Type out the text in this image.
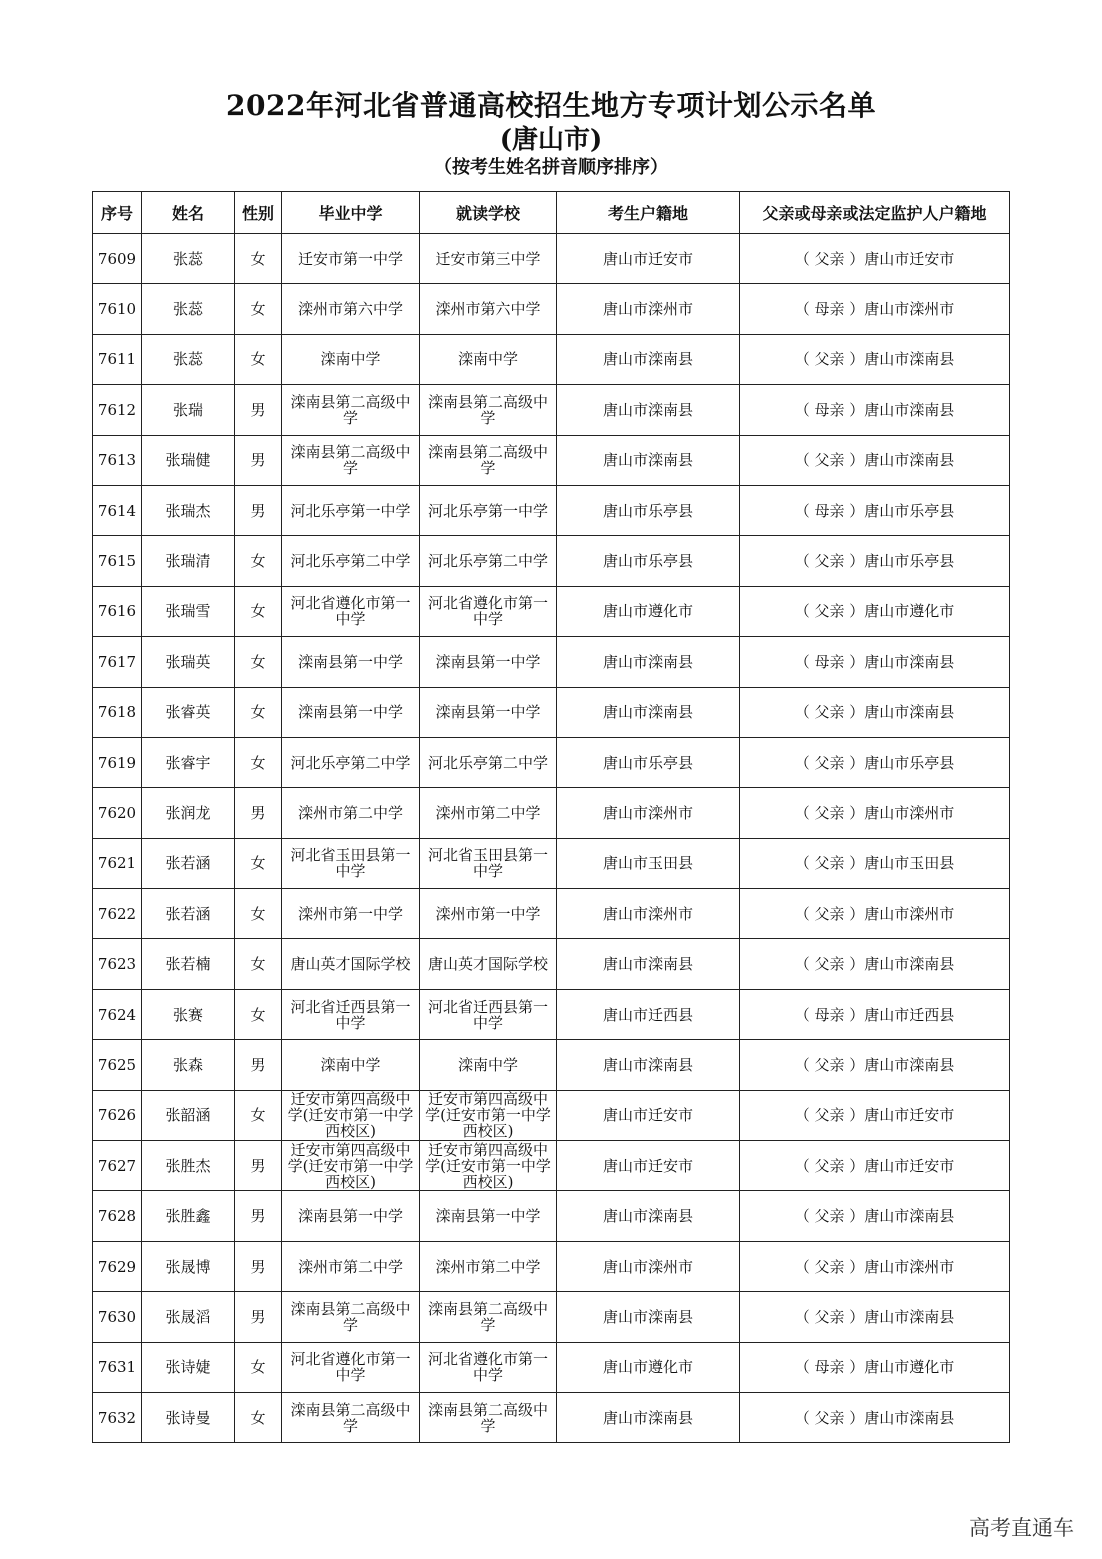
2022年河北省普通高校招生地方专项计划公示名单
(唐山市)
（按考生姓名拼音顺序排序）
序号	姓名	性别	毕业中学	就读学校	考生户籍地	父亲或母亲或法定监护人户籍地
7609	张蕊	女	迁安市第一中学	迁安市第三中学	唐山市迁安市	（ 父亲 ）唐山市迁安市
7610	张蕊	女	滦州市第六中学	滦州市第六中学	唐山市滦州市	（ 母亲 ）唐山市滦州市
7611	张蕊	女	滦南中学	滦南中学	唐山市滦南县	（ 父亲 ）唐山市滦南县
7612	张瑞	男	滦南县第二高级中学	滦南县第二高级中学	唐山市滦南县	（ 母亲 ）唐山市滦南县
7613	张瑞健	男	滦南县第二高级中学	滦南县第二高级中学	唐山市滦南县	（ 父亲 ）唐山市滦南县
7614	张瑞杰	男	河北乐亭第一中学	河北乐亭第一中学	唐山市乐亭县	（ 母亲 ）唐山市乐亭县
7615	张瑞清	女	河北乐亭第二中学	河北乐亭第二中学	唐山市乐亭县	（ 父亲 ）唐山市乐亭县
7616	张瑞雪	女	河北省遵化市第一中学	河北省遵化市第一中学	唐山市遵化市	（ 父亲 ）唐山市遵化市
7617	张瑞英	女	滦南县第一中学	滦南县第一中学	唐山市滦南县	（ 母亲 ）唐山市滦南县
7618	张睿英	女	滦南县第一中学	滦南县第一中学	唐山市滦南县	（ 父亲 ）唐山市滦南县
7619	张睿宇	女	河北乐亭第二中学	河北乐亭第二中学	唐山市乐亭县	（ 父亲 ）唐山市乐亭县
7620	张润龙	男	滦州市第二中学	滦州市第二中学	唐山市滦州市	（ 父亲 ）唐山市滦州市
7621	张若涵	女	河北省玉田县第一中学	河北省玉田县第一中学	唐山市玉田县	（ 父亲 ）唐山市玉田县
7622	张若涵	女	滦州市第一中学	滦州市第一中学	唐山市滦州市	（ 父亲 ）唐山市滦州市
7623	张若楠	女	唐山英才国际学校	唐山英才国际学校	唐山市滦南县	（ 父亲 ）唐山市滦南县
7624	张赛	女	河北省迁西县第一中学	河北省迁西县第一中学	唐山市迁西县	（ 母亲 ）唐山市迁西县
7625	张森	男	滦南中学	滦南中学	唐山市滦南县	（ 父亲 ）唐山市滦南县
7626	张韶涵	女	迁安市第四高级中学(迁安市第一中学西校区)	迁安市第四高级中学(迁安市第一中学西校区)	唐山市迁安市	（ 父亲 ）唐山市迁安市
7627	张胜杰	男	迁安市第四高级中学(迁安市第一中学西校区)	迁安市第四高级中学(迁安市第一中学西校区)	唐山市迁安市	（ 父亲 ）唐山市迁安市
7628	张胜鑫	男	滦南县第一中学	滦南县第一中学	唐山市滦南县	（ 父亲 ）唐山市滦南县
7629	张晟博	男	滦州市第二中学	滦州市第二中学	唐山市滦州市	（ 父亲 ）唐山市滦州市
7630	张晟滔	男	滦南县第二高级中学	滦南县第二高级中学	唐山市滦南县	（ 父亲 ）唐山市滦南县
7631	张诗婕	女	河北省遵化市第一中学	河北省遵化市第一中学	唐山市遵化市	（ 母亲 ）唐山市遵化市
7632	张诗曼	女	滦南县第二高级中学	滦南县第二高级中学	唐山市滦南县	（ 父亲 ）唐山市滦南县
高考直通车
